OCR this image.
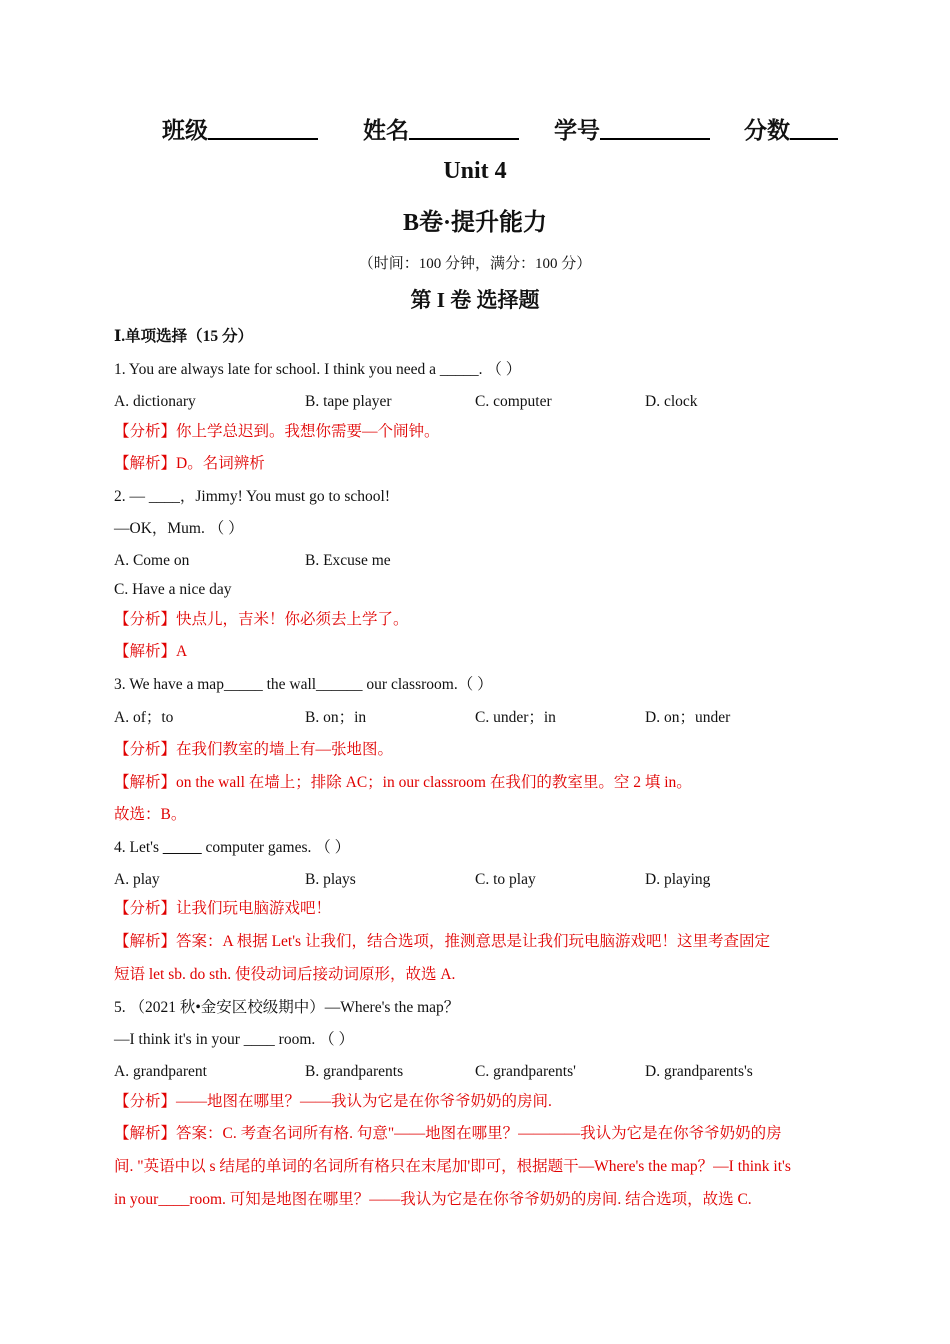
班级	姓名	学号	分数
Unit 4
B卷·提升能力
（时间：100 分钟，满分：100 分）
第 I 卷 选择题
Ⅰ.单项选择（15 分）
1. You are always late for school. I think you need a _____. （ ）
A. dictionary	B. tape player	C. computer	D. clock
【分析】你上学总迟到。我想你需要—个闹钟。
【解析】D。名词辨析
2. — ____，Jimmy! You must go to school!
—OK，Mum. （ ）
A. Come on	B. Excuse me
C. Have a nice day
【分析】快点儿，吉米！你必须去上学了。
【解析】A
3. We have a map_____ the wall______ our classroom.（ ）
A. of；to	B. on；in	C. under；in	D. on；under
【分析】在我们教室的墙上有—张地图。
【解析】on the wall 在墙上；排除 AC；in our classroom 在我们的教室里。空 2 填 in。
故选：B。
4. Let's _____ computer games. （ ）
A. play	B. plays	C. to play	D. playing
【分析】让我们玩电脑游戏吧！
【解析】答案：A 根据 Let's 让我们，结合选项，推测意思是让我们玩电脑游戏吧！这里考查固定
短语 let sb. do sth. 使役动词后接动词原形，故选 A.
5. （2021 秋•金安区校级期中）—Where's the map？
—I think it's in your ____ room. （ ）
A. grandparent	B. grandparents	C. grandparents'	D. grandparents's
【分析】——地图在哪里？——我认为它是在你爷爷奶奶的房间.
【解析】答案：C. 考查名词所有格. 句意"——地图在哪里？————我认为它是在你爷爷奶奶的房
间. "英语中以 s 结尾的单词的名词所有格只在末尾加'即可，根据题干—Where's the map？—I think it's
in your____room. 可知是地图在哪里？——我认为它是在你爷爷奶奶的房间. 结合选项，故选 C.
